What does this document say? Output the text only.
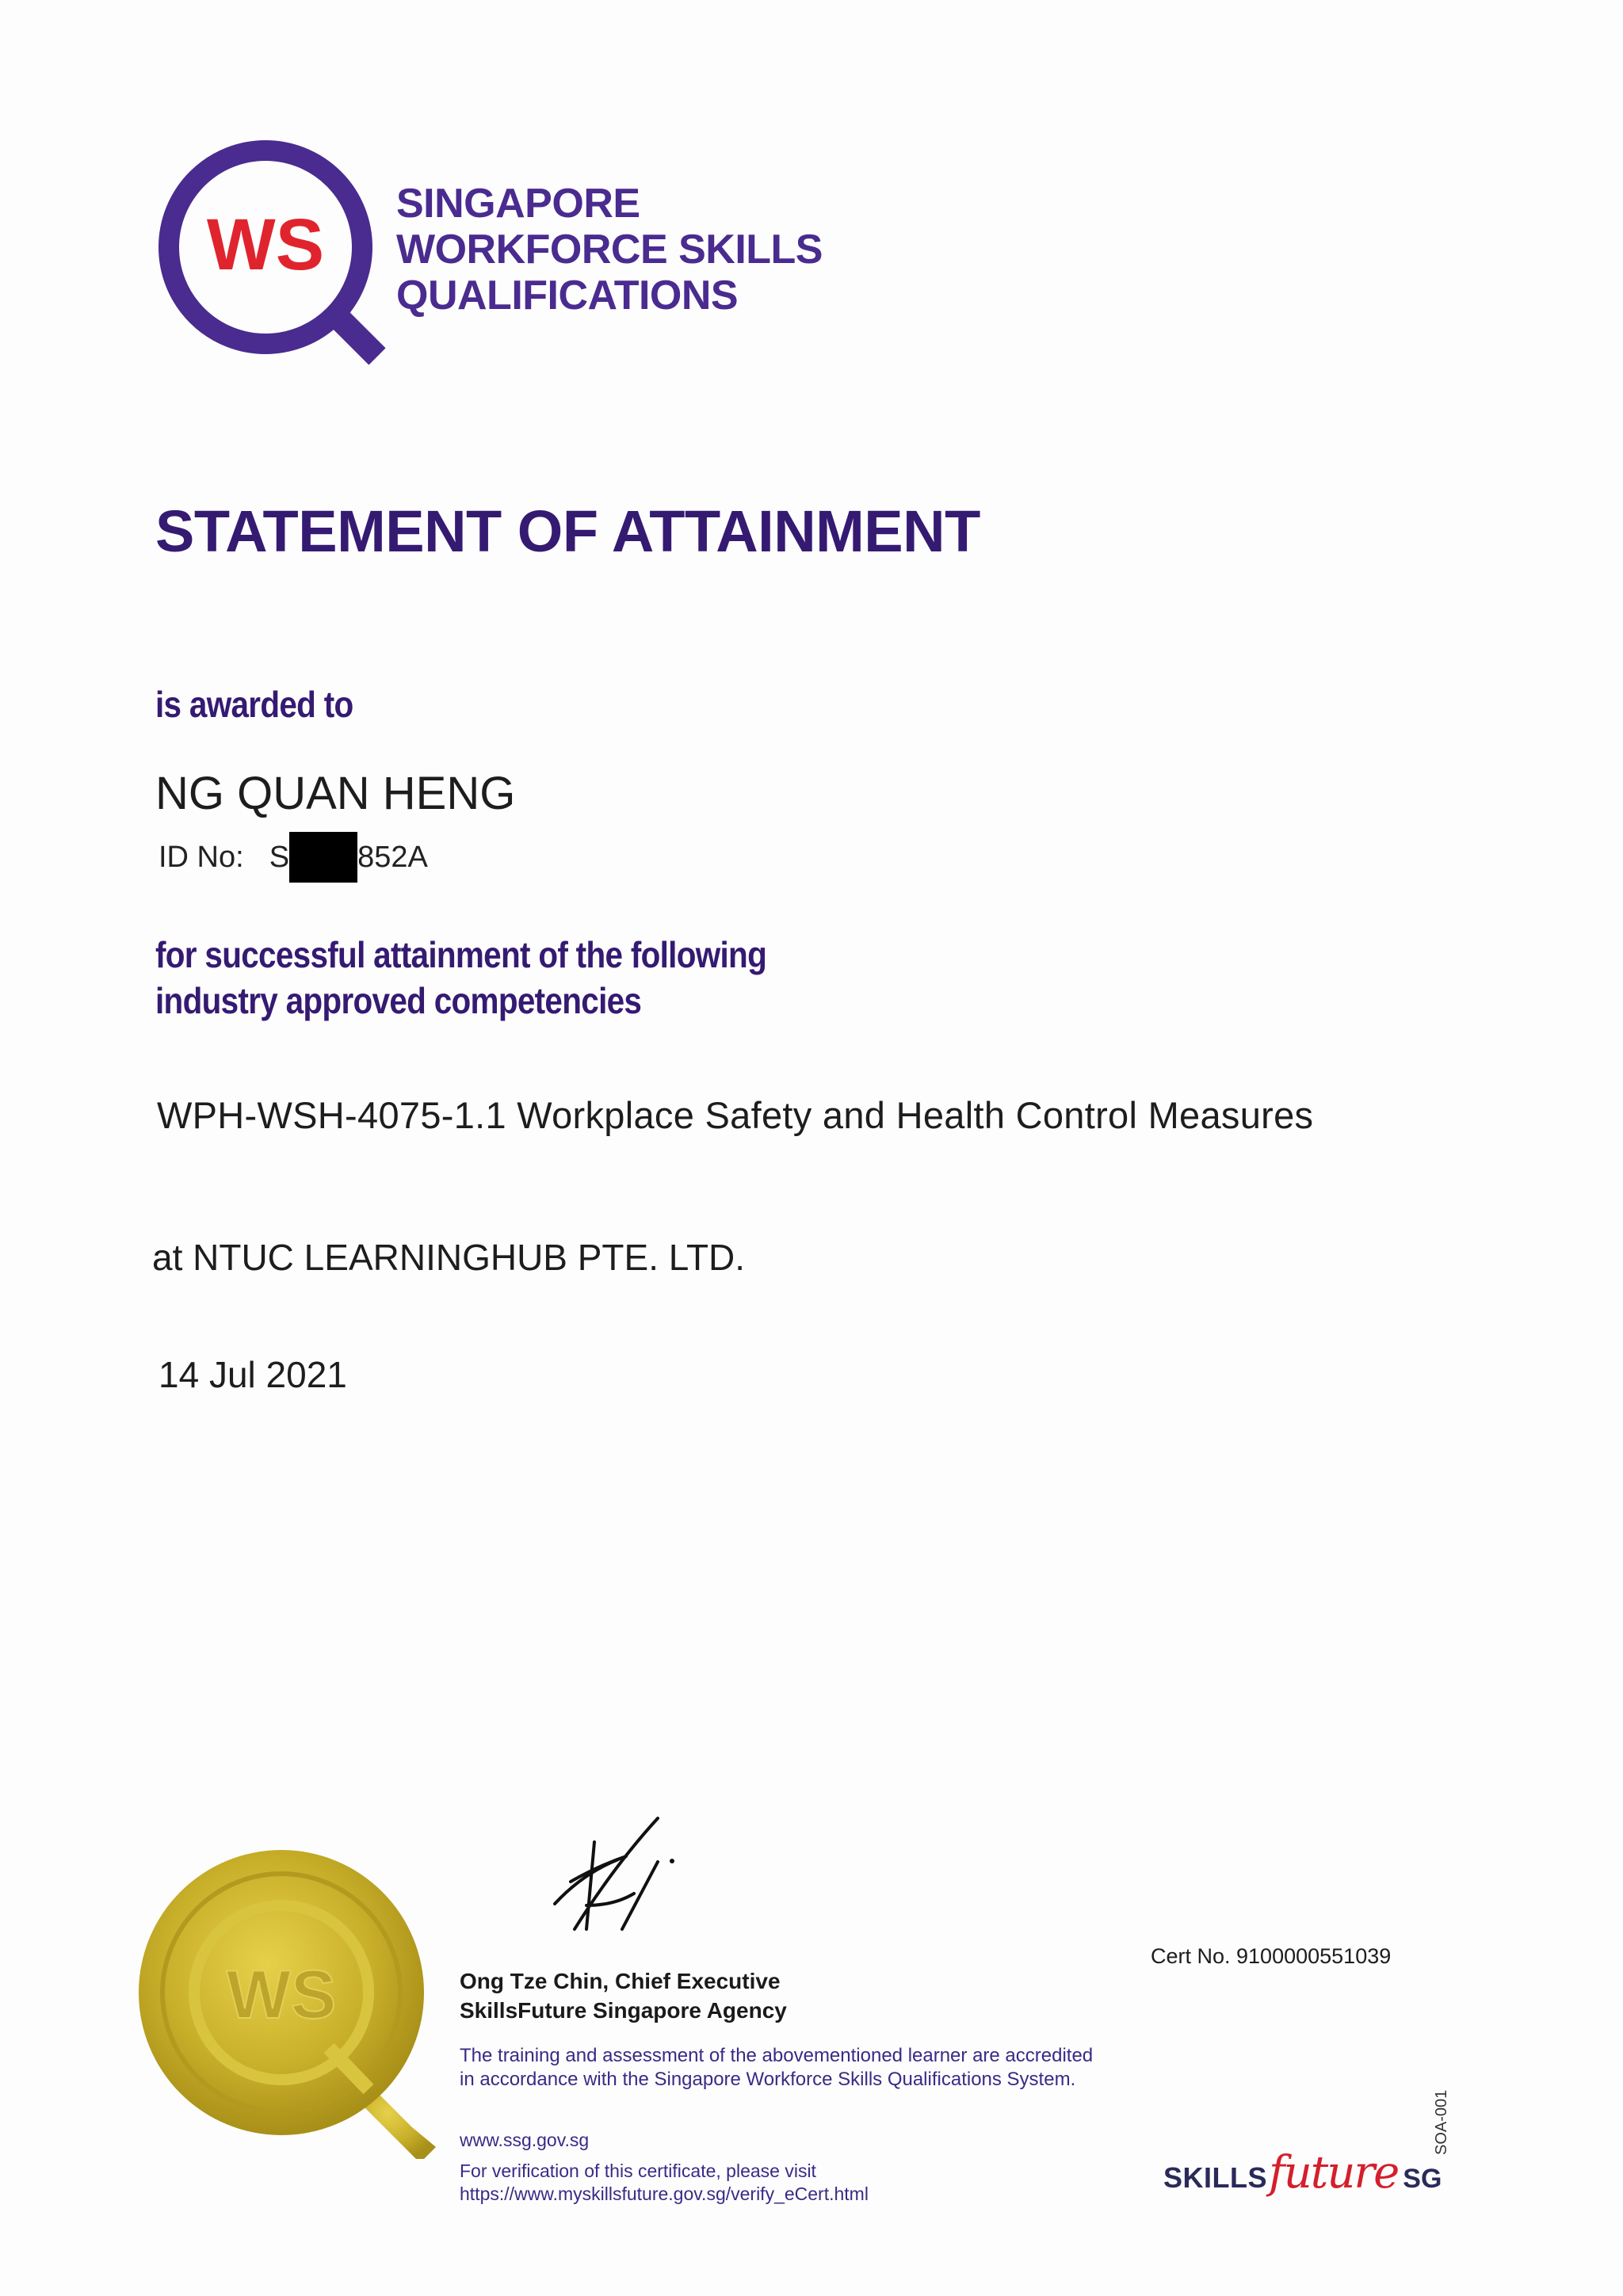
WS
SINGAPORE
WORKFORCE SKILLS
QUALIFICATIONS
STATEMENT OF ATTAINMENT
is awarded to
NG QUAN HENG
ID No: S 852A
for successful attainment of the following
industry approved competencies
WPH-WSH-4075-1.1 Workplace Safety and Health Control Measures
at NTUC LEARNINGHUB PTE. LTD.
14 Jul 2021
WS	Ong Tze Chin, Chief Executive
SkillsFuture Singapore Agency
The training and assessment of the abovementioned learner are accredited
in accordance with the Singapore Workforce Skills Qualifications System.
www.ssg.gov.sg
For verification of this certificate, please visit
https://www.myskillsfuture.gov.sg/verify_eCert.html
Cert No. 9100000551039
SKILLS future SG
SOA-001
